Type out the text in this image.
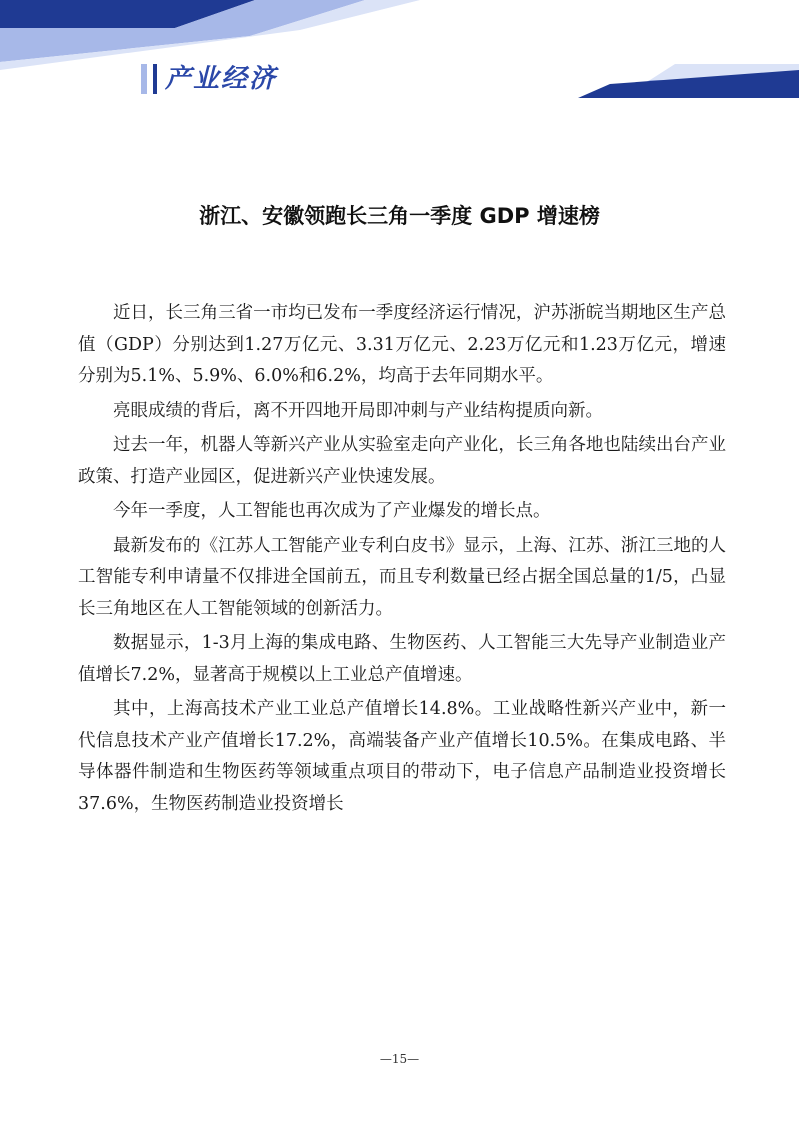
产业经济
浙江、安徽领跑长三角一季度 GDP 增速榜

近日，长三角三省一市均已发布一季度经济运行情况，沪苏浙皖当期地区生产总值（GDP）分别达到1.27万亿元、3.31万亿元、2.23万亿元和1.23万亿元，增速分别为5.1%、5.9%、6.0%和6.2%，均高于去年同期水平。

亮眼成绩的背后，离不开四地开局即冲刺与产业结构提质向新。

过去一年，机器人等新兴产业从实验室走向产业化，长三角各地也陆续出台产业政策、打造产业园区，促进新兴产业快速发展。

今年一季度，人工智能也再次成为了产业爆发的增长点。

最新发布的《江苏人工智能产业专利白皮书》显示，上海、江苏、浙江三地的人工智能专利申请量不仅排进全国前五，而且专利数量已经占据全国总量的1/5，凸显长三角地区在人工智能领域的创新活力。

数据显示，1-3月上海的集成电路、生物医药、人工智能三大先导产业制造业产值增长7.2%，显著高于规模以上工业总产值增速。

其中，上海高技术产业工业总产值增长14.8%。工业战略性新兴产业中，新一代信息技术产业产值增长17.2%，高端装备产业产值增长10.5%。在集成电路、半导体器件制造和生物医药等领域重点项目的带动下，电子信息产品制造业投资增长37.6%，生物医药制造业投资增长

—15—
